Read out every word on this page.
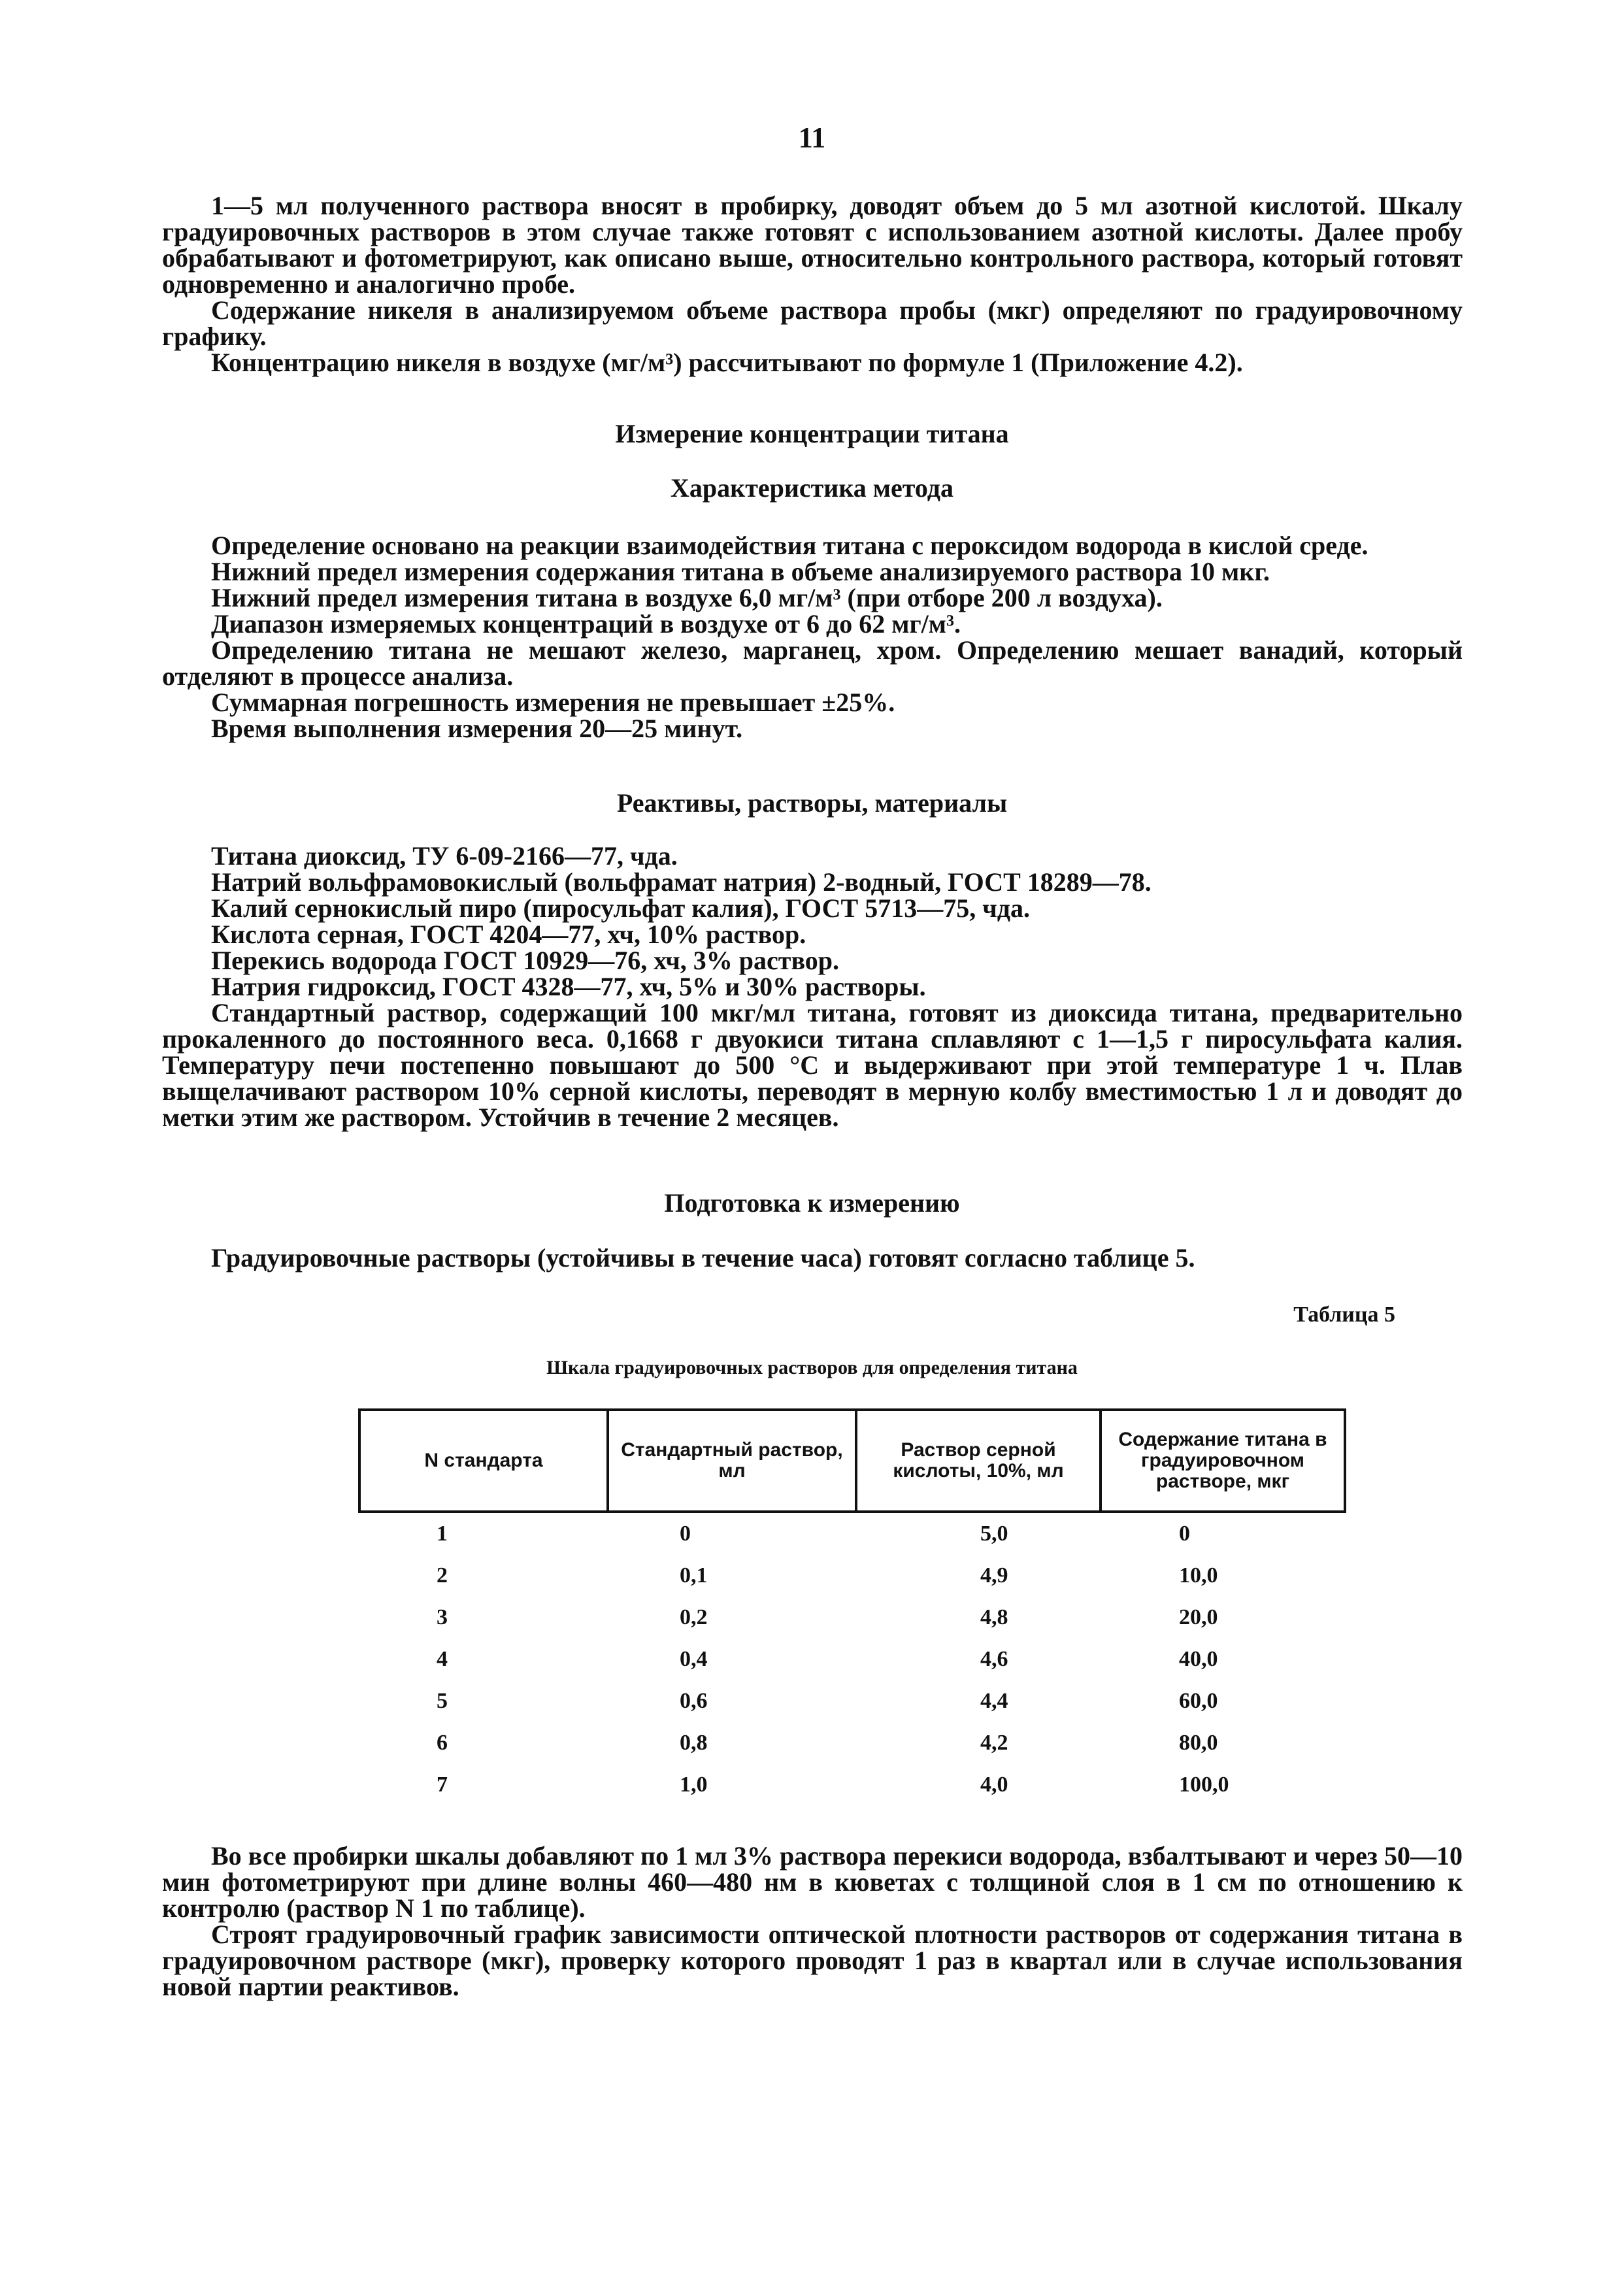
11

1—5 мл полученного раствора вносят в пробирку, доводят объем до 5 мл азотной кислотой. Шкалу градуировочных растворов в этом случае также готовят с использованием азотной кислоты. Далее пробу обрабатывают и фотометрируют, как описано выше, относительно контрольного раствора, который готовят одновременно и аналогично пробе.

Содержание никеля в анализируемом объеме раствора пробы (мкг) определяют по градуировочному графику.

Концентрацию никеля в воздухе (мг/м³) рассчитывают по формуле 1 (Приложение 4.2).

Измерение концентрации титана
Характеристика метода

Определение основано на реакции взаимодействия титана с пероксидом водорода в кислой среде.

Нижний предел измерения содержания титана в объеме анализируемого раствора 10 мкг.

Нижний предел измерения титана в воздухе 6,0 мг/м³ (при отборе 200 л воздуха).

Диапазон измеряемых концентраций в воздухе от 6 до 62 мг/м³.

Определению титана не мешают железо, марганец, хром. Определению мешает ванадий, который отделяют в процессе анализа.

Суммарная погрешность измерения не превышает ±25%.

Время выполнения измерения 20—25 минут.

Реактивы, растворы, материалы

Титана диоксид, ТУ 6-09-2166—77, чда.

Натрий вольфрамовокислый (вольфрамат натрия) 2-водный, ГОСТ 18289—78.

Калий сернокислый пиро (пиросульфат калия), ГОСТ 5713—75, чда.

Кислота серная, ГОСТ 4204—77, хч, 10% раствор.

Перекись водорода ГОСТ 10929—76, хч, 3% раствор.

Натрия гидроксид, ГОСТ 4328—77, хч, 5% и 30% растворы.

Стандартный раствор, содержащий 100 мкг/мл титана, готовят из диоксида титана, предварительно прокаленного до постоянного веса. 0,1668 г двуокиси титана сплавляют с 1—1,5 г пиросульфата калия. Температуру печи постепенно повышают до 500 °С и выдерживают при этой температуре 1 ч. Плав выщелачивают раствором 10% серной кислоты, переводят в мерную колбу вместимостью 1 л и доводят до метки этим же раствором. Устойчив в течение 2 месяцев.

Подготовка к измерению

Градуировочные растворы (устойчивы в течение часа) готовят согласно таблице 5.

Таблица 5
Шкала градуировочных растворов для определения титана
N стандарта	Стандартный раствор, мл	Раствор серной кислоты, 10%, мл	Содержание титана в градуировочном растворе, мкг
1	0	5,0	0
2	0,1	4,9	10,0
3	0,2	4,8	20,0
4	0,4	4,6	40,0
5	0,6	4,4	60,0
6	0,8	4,2	80,0
7	1,0	4,0	100,0

Во все пробирки шкалы добавляют по 1 мл 3% раствора перекиси водорода, взбалтывают и через 50—10 мин фотометрируют при длине волны 460—480 нм в кюветах с толщиной слоя в 1 см по отношению к контролю (раствор N 1 по таблице).

Строят градуировочный график зависимости оптической плотности растворов от содержания титана в градуировочном растворе (мкг), проверку которого проводят 1 раз в квартал или в случае использования новой партии реактивов.
